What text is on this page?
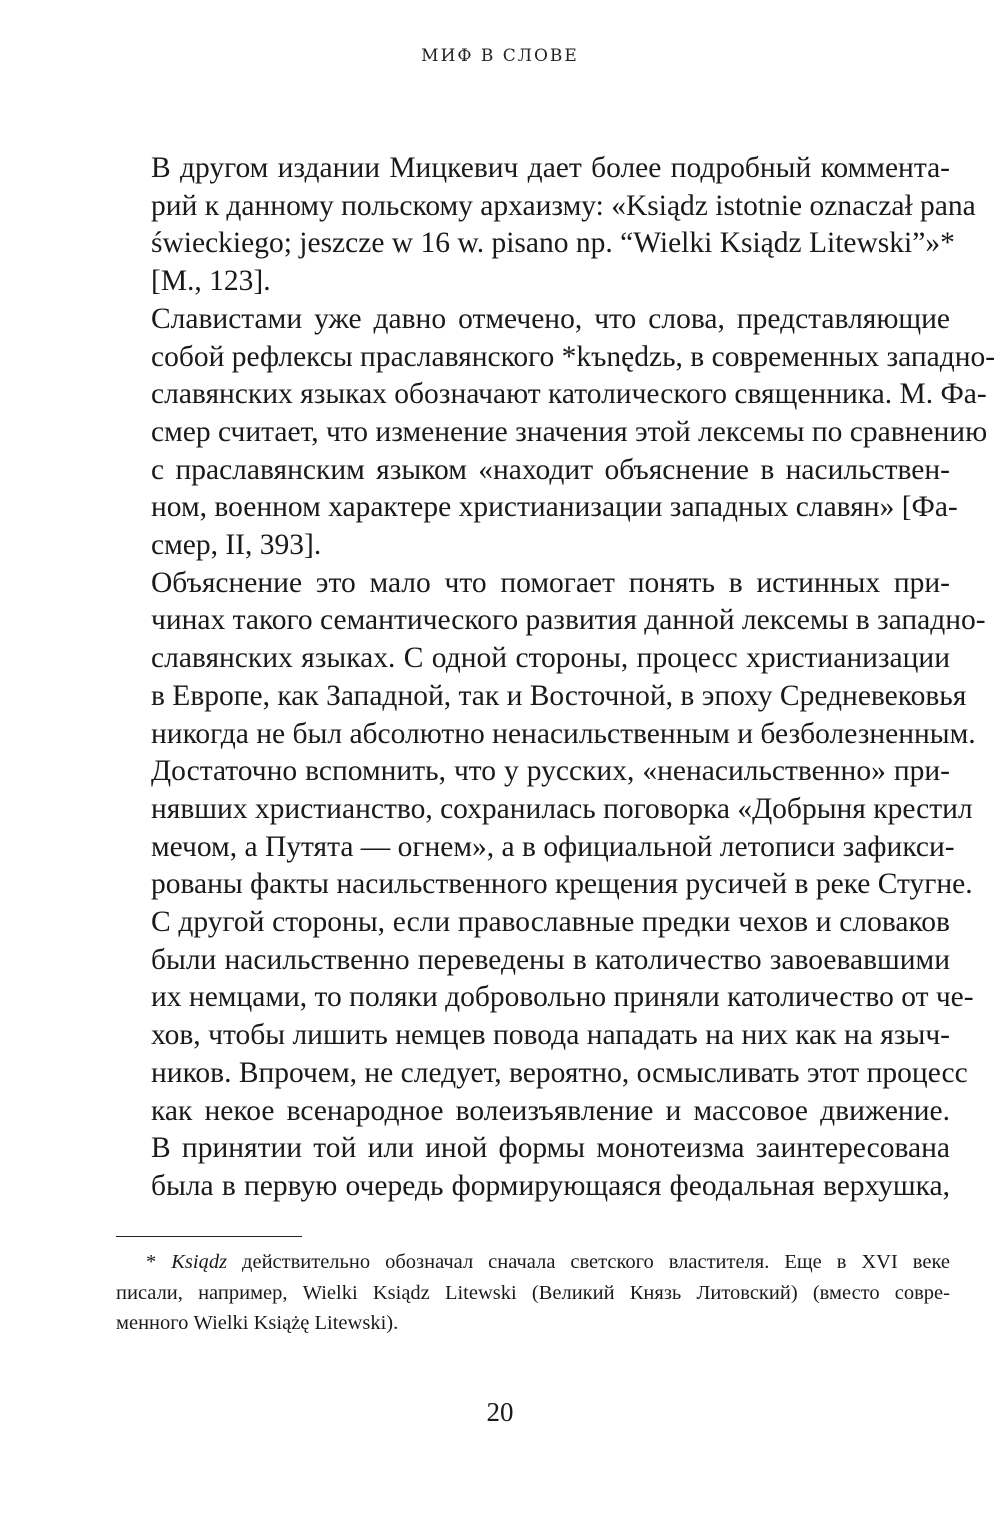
МИФ В СЛОВЕ

В другом издании Мицкевич дает более подробный коммента-
рий к данному польскому архаизму: «Ksiądz istotnie oznaczał pana
świeckiego; jeszcze w 16 w. pisano np. “Wielki Ksiądz Litewski”»*
[M., 123].

Славистами уже давно отмечено, что слова, представляющие
собой рефлексы праславянского *kъnędzь, в современных западно-
славянских языках обозначают католического священника. М. Фа-
смер считает, что изменение значения этой лексемы по сравнению
с праславянским языком «находит объяснение в насильствен-
ном, военном характере христианизации западных славян» [Фа-
смер, II, 393].

Объяснение это мало что помогает понять в истинных при-
чинах такого семантического развития данной лексемы в западно-
славянских языках. С одной стороны, процесс христианизации
в Европе, как Западной, так и Восточной, в эпоху Средневековья
никогда не был абсолютно ненасильственным и безболезненным.
Достаточно вспомнить, что у русских, «ненасильственно» при-
нявших христианство, сохранилась поговорка «Добрыня крестил
мечом, а Путята — огнем», а в официальной летописи зафикси-
рованы факты насильственного крещения русичей в реке Стугне.
С другой стороны, если православные предки чехов и словаков
были насильственно переведены в католичество завоевавшими
их немцами, то поляки добровольно приняли католичество от че-
хов, чтобы лишить немцев повода нападать на них как на языч-
ников. Впрочем, не следует, вероятно, осмысливать этот процесс
как некое всенародное волеизъявление и массовое движение.
В принятии той или иной формы монотеизма заинтересована
была в первую очередь формирующаяся феодальная верхушка,

* Ksiądz действительно обозначал сначала светского властителя. Еще в XVI веке
писали, например, Wielki Ksiądz Litewski (Великий Князь Литовский) (вместо совре-
менного Wielki Książę Litewski).
20
